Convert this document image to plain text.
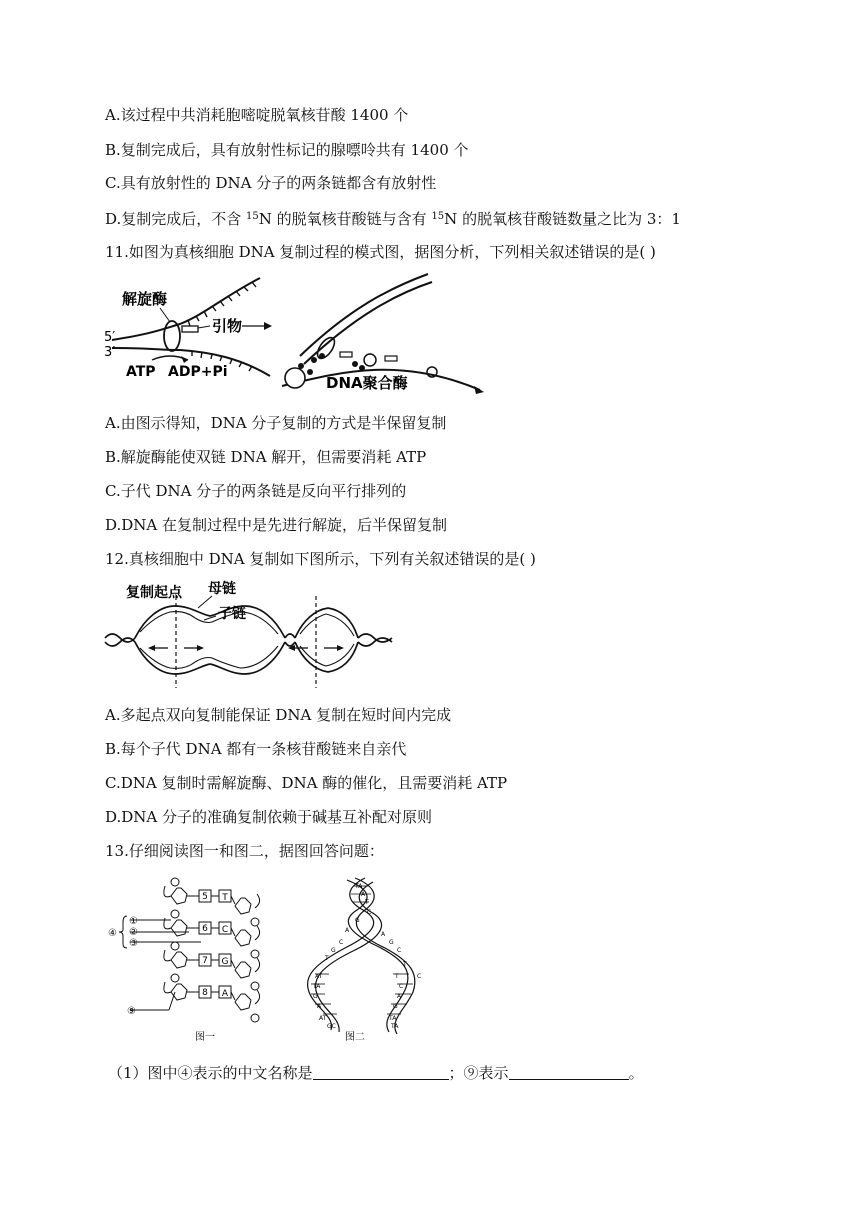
A.该过程中共消耗胞嘧啶脱氧核苷酸 1400 个
B.复制完成后，具有放射性标记的腺嘌呤共有 1400 个
C.具有放射性的 DNA 分子的两条链都含有放射性
D.复制完成后，不含 $^{15}$N 的脱氧核苷酸链与含有 $^{15}$N 的脱氧核苷酸链数量之比为 3：1
11.如图为真核细胞 DNA 复制过程的模式图，据图分析，下列相关叙述错误的是( )
解旋酶
引物
5′
3′
ATP ADP+Pi
DNA聚合酶
A.由图示得知，DNA 分子复制的方式是半保留复制
B.解旋酶能使双链 DNA 解开，但需要消耗 ATP
C.子代 DNA 分子的两条链是反向平行排列的
D.DNA 在复制过程中是先进行解旋，后半保留复制
12.真核细胞中 DNA 复制如下图所示，下列有关叙述错误的是( )
复制起点 母链
子链
A.多起点双向复制能保证 DNA 复制在短时间内完成
B.每个子代 DNA 都有一条核苷酸链来自亲代
C.DNA 复制时需解旋酶、DNA 酶的催化，且需要消耗 ATP
D.DNA 分子的准确复制依赖于碱基互补配对原则
13.仔细阅读图一和图二，据图回答问题：
5
6
7
8
T
C
G
A
①
②
③
④
⑨
图一
TA
A
T
C
G
A
C
G
T
A
G
C
AT
TA
G
A
T
C
A
G
C
T
AT	TA
GC	TA
图二
（1）图中④表示的中文名称是	；⑨表示	。
